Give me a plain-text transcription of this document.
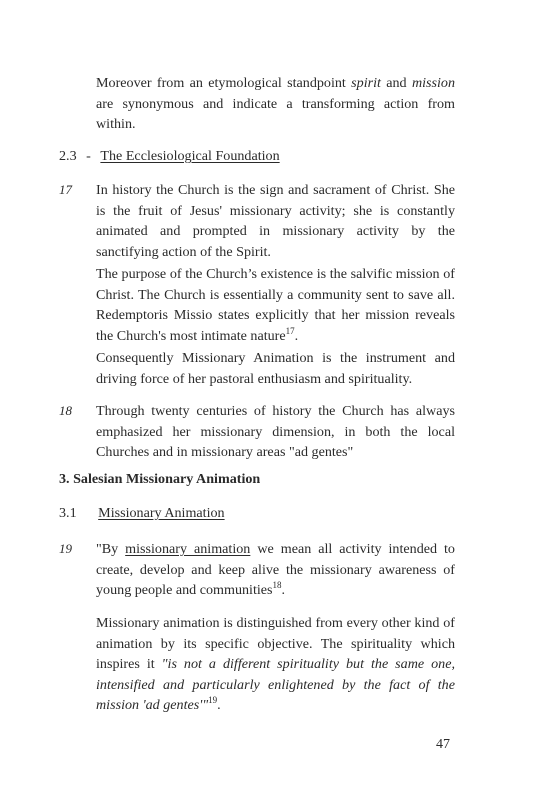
Moreover from an etymological standpoint spirit and mission are synonymous and indicate a transforming action from within.

2.3 - The Ecclesiological Foundation
17 In history the Church is the sign and sacrament of Christ. She is the fruit of Jesus' missionary activity; she is constantly animated and prompted in missionary activity by the sanctifying action of the Spirit.

The purpose of the Church’s existence is the salvific mission of Christ. The Church is essentially a community sent to save all. Redemptoris Missio states explicitly that her mission reveals the Church's most intimate nature$^{17}$.

Consequently Missionary Animation is the instrument and driving force of her pastoral enthusiasm and spirituality.

18 Through twenty centuries of history the Church has always emphasized her missionary dimension, in both the local Churches and in missionary areas "ad gentes"

3. Salesian Missionary Animation
3.1 Missionary Animation
19 "By missionary animation we mean all activity intended to create, develop and keep alive the missionary awareness of young people and communities$^{18}$.

Missionary animation is distinguished from every other kind of animation by its specific objective. The spirituality which inspires it "is not a different spirituality but the same one, intensified and particularly enlightened by the fact of the mission 'ad gentes'"$^{19}$.

47
